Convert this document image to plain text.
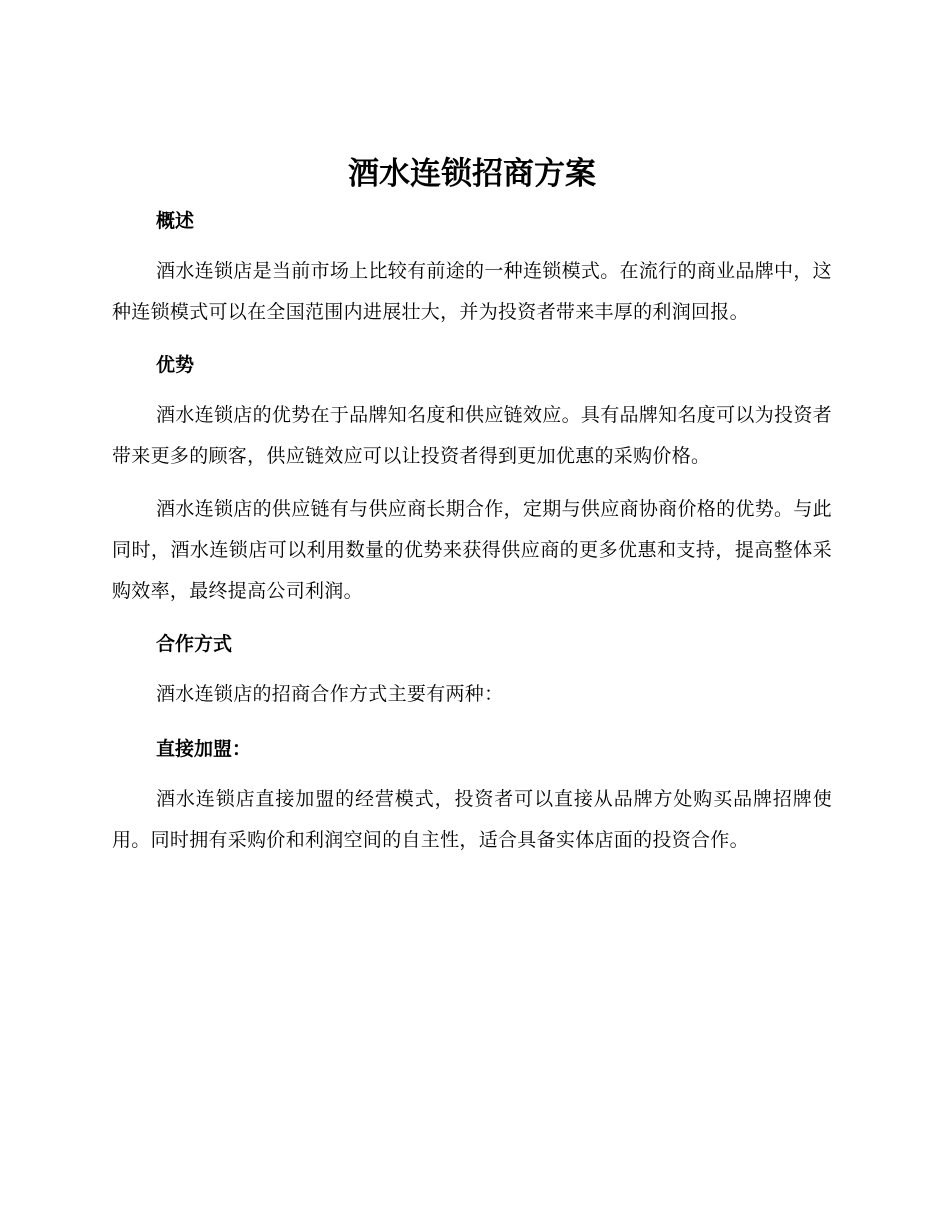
酒水连锁招商方案
概述

酒水连锁店是当前市场上比较有前途的一种连锁模式。在流行的商业品牌中，这种连锁模式可以在全国范围内进展壮大，并为投资者带来丰厚的利润回报。

优势

酒水连锁店的优势在于品牌知名度和供应链效应。具有品牌知名度可以为投资者带来更多的顾客，供应链效应可以让投资者得到更加优惠的采购价格。

酒水连锁店的供应链有与供应商长期合作，定期与供应商协商价格的优势。与此同时，酒水连锁店可以利用数量的优势来获得供应商的更多优惠和支持，提高整体采购效率，最终提高公司利润。

合作方式

酒水连锁店的招商合作方式主要有两种：

直接加盟：

酒水连锁店直接加盟的经营模式，投资者可以直接从品牌方处购买品牌招牌使用。同时拥有采购价和利润空间的自主性，适合具备实体店面的投资合作。
